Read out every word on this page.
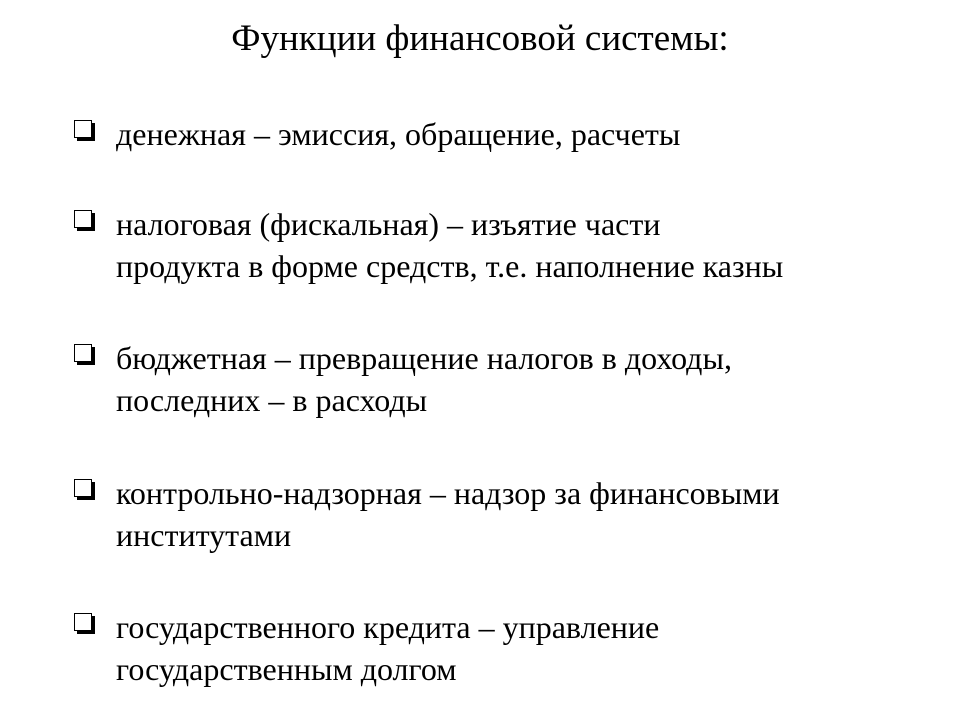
Функции финансовой системы:

денежная – эмиссия, обращение, расчеты

налоговая (фискальная) – изъятие части
продукта в форме средств, т.е. наполнение казны

бюджетная – превращение налогов в доходы,
последних – в расходы

контрольно-надзорная – надзор за финансовыми
институтами

государственного кредита – управление
государственным долгом
